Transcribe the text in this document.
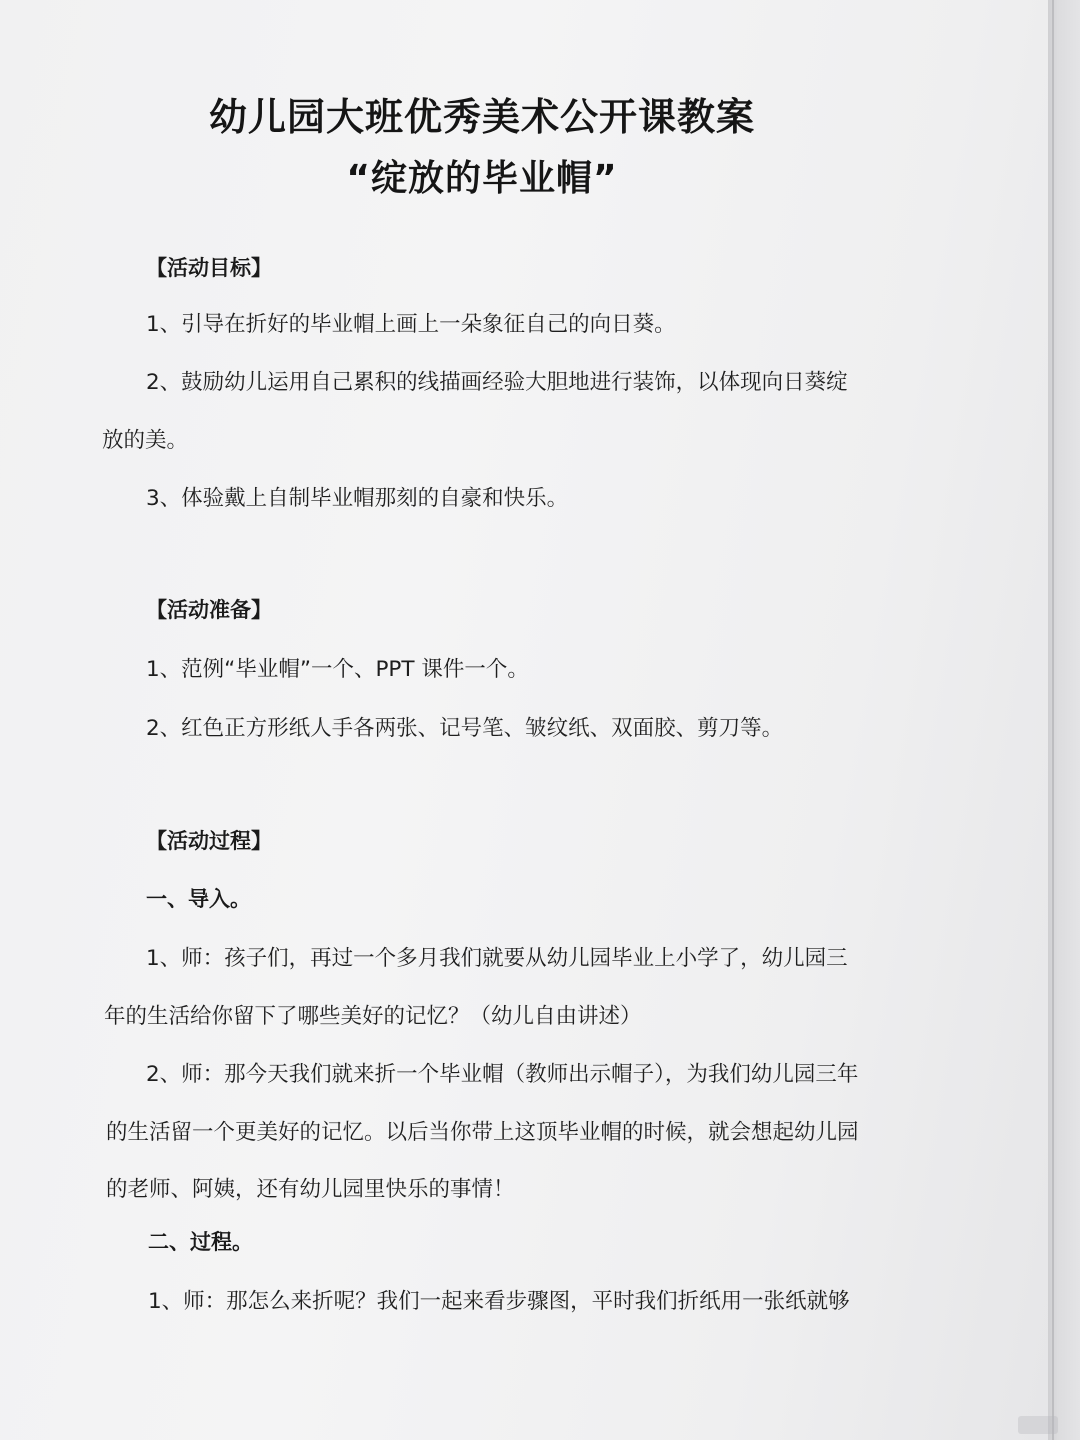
幼儿园大班优秀美术公开课教案
“绽放的毕业帽”
【活动目标】
1、引导在折好的毕业帽上画上一朵象征自己的向日葵。
2、鼓励幼儿运用自己累积的线描画经验大胆地进行装饰，以体现向日葵绽
放的美。
3、体验戴上自制毕业帽那刻的自豪和快乐。
【活动准备】
1、范例“毕业帽”一个、PPT 课件一个。
2、红色正方形纸人手各两张、记号笔、皱纹纸、双面胶、剪刀等。
【活动过程】
一、导入。
1、师：孩子们，再过一个多月我们就要从幼儿园毕业上小学了，幼儿园三
年的生活给你留下了哪些美好的记忆？（幼儿自由讲述）
2、师：那今天我们就来折一个毕业帽（教师出示帽子），为我们幼儿园三年
的生活留一个更美好的记忆。以后当你带上这顶毕业帽的时候，就会想起幼儿园
的老师、阿姨，还有幼儿园里快乐的事情！
二、过程。
1、师：那怎么来折呢？我们一起来看步骤图，平时我们折纸用一张纸就够
